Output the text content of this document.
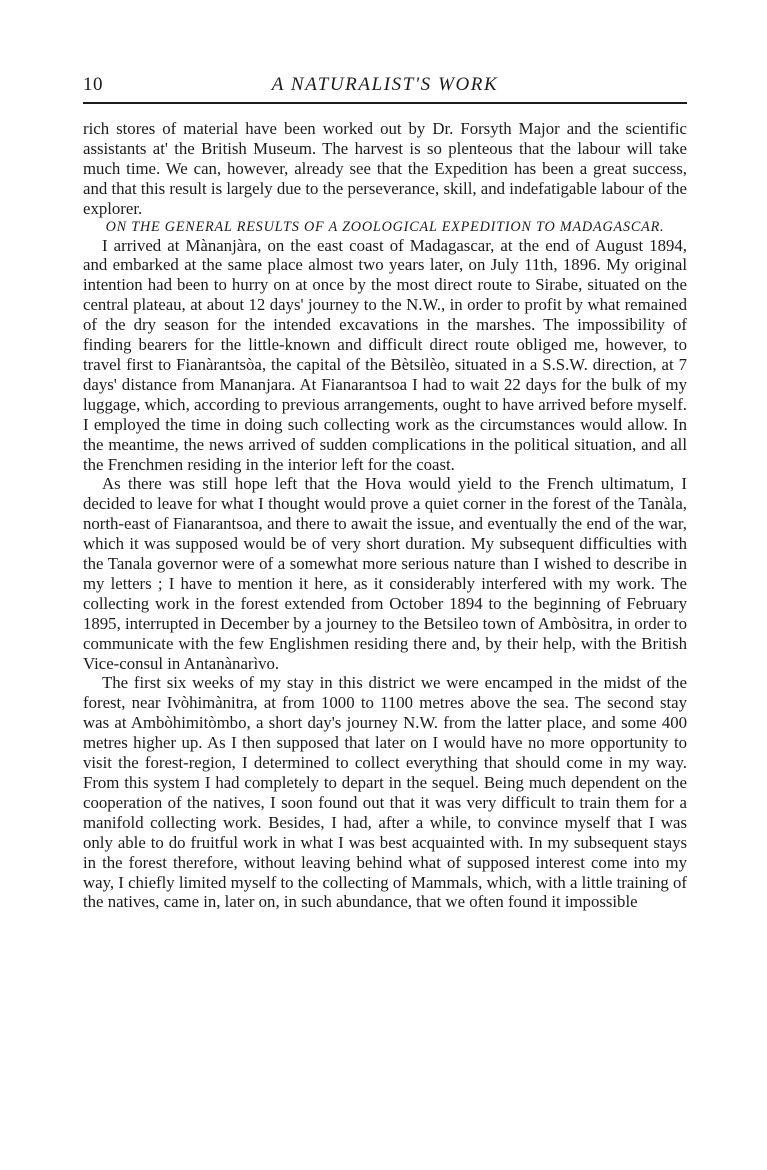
10	A NATURALIST'S WORK

rich stores of material have been worked out by Dr. Forsyth Major and the scientific assistants at' the British Museum. The harvest is so plenteous that the labour will take much time. We can, however, already see that the Expedition has been a great success, and that this result is largely due to the perseverance, skill, and indefatigable labour of the explorer.

ON THE GENERAL RESULTS OF A ZOOLOGICAL EXPEDITION TO MADAGASCAR.

I arrived at Mànanjàra, on the east coast of Madagascar, at the end of August 1894, and embarked at the same place almost two years later, on July 11th, 1896. My original intention had been to hurry on at once by the most direct route to Sirabe, situated on the central plateau, at about 12 days' journey to the N.W., in order to profit by what remained of the dry season for the intended excavations in the marshes. The impossibility of finding bearers for the little-known and difficult direct route obliged me, however, to travel first to Fianàrantsòa, the capital of the Bètsilèo, situated in a S.S.W. direction, at 7 days' distance from Mananjara. At Fianarantsoa I had to wait 22 days for the bulk of my luggage, which, according to previous arrangements, ought to have arrived before myself. I employed the time in doing such collecting work as the circumstances would allow. In the meantime, the news arrived of sudden complications in the political situation, and all the Frenchmen residing in the interior left for the coast.

As there was still hope left that the Hova would yield to the French ultimatum, I decided to leave for what I thought would prove a quiet corner in the forest of the Tanàla, north-east of Fianarantsoa, and there to await the issue, and eventually the end of the war, which it was supposed would be of very short duration. My subsequent difficulties with the Tanala governor were of a somewhat more serious nature than I wished to describe in my letters ; I have to mention it here, as it considerably interfered with my work. The collecting work in the forest extended from October 1894 to the beginning of February 1895, interrupted in December by a journey to the Betsileo town of Ambòsitra, in order to communicate with the few Englishmen residing there and, by their help, with the British Vice-consul in Antanànarìvo.

The first six weeks of my stay in this district we were encamped in the midst of the forest, near Ivòhimànitra, at from 1000 to 1100 metres above the sea. The second stay was at Ambòhimitòmbo, a short day's journey N.W. from the latter place, and some 400 metres higher up. As I then supposed that later on I would have no more opportunity to visit the forest-region, I determined to collect everything that should come in my way. From this system I had completely to depart in the sequel. Being much dependent on the cooperation of the natives, I soon found out that it was very difficult to train them for a manifold collecting work. Besides, I had, after a while, to convince myself that I was only able to do fruitful work in what I was best acquainted with. In my subsequent stays in the forest therefore, without leaving behind what of supposed interest come into my way, I chiefly limited myself to the collecting of Mammals, which, with a little training of the natives, came in, later on, in such abundance, that we often found it impossible
